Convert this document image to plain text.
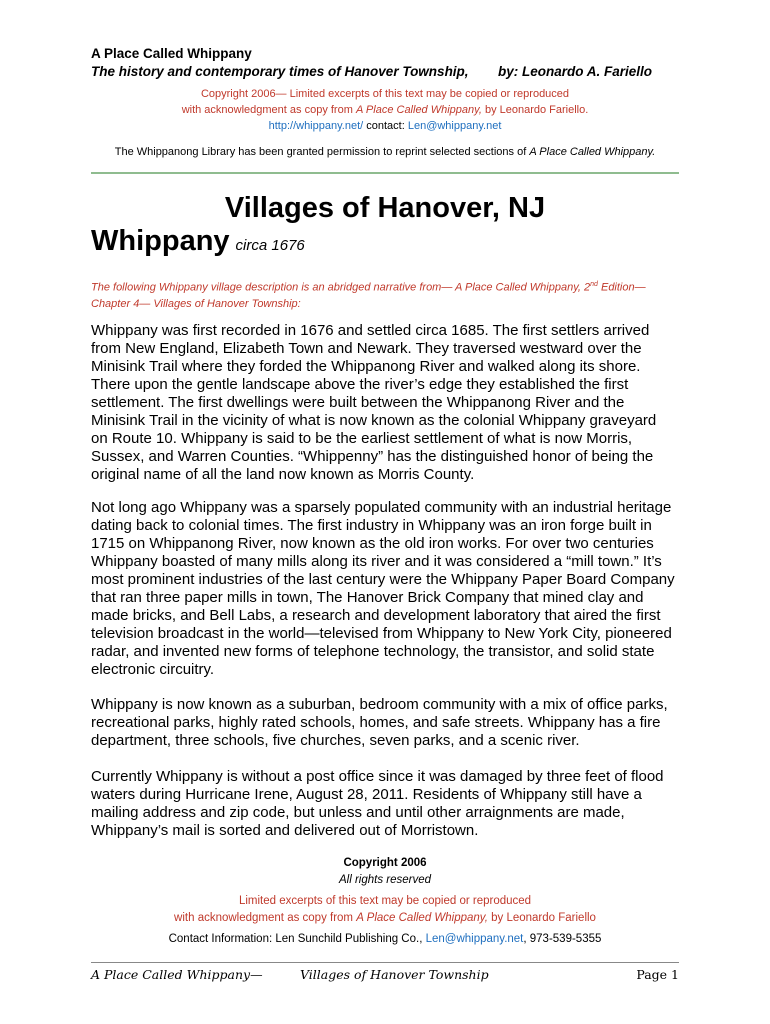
A Place Called Whippany
The history and contemporary times of Hanover Township, by: Leonardo A. Fariello
Copyright 2006— Limited excerpts of this text may be copied or reproduced
with acknowledgment as copy from A Place Called Whippany, by Leonardo Fariello.
http://whippany.net/ contact: Len@whippany.net
The Whippanong Library has been granted permission to reprint selected sections of A Place Called Whippany.
Villages of Hanover, NJ
Whippany circa 1676
The following Whippany village description is an abridged narrative from— A Place Called Whippany, 2nd Edition—
Chapter 4— Villages of Hanover Township:
Whippany was first recorded in 1676 and settled circa 1685. The first settlers arrived
from New England, Elizabeth Town and Newark. They traversed westward over the
Minisink Trail where they forded the Whippanong River and walked along its shore.
There upon the gentle landscape above the river’s edge they established the first
settlement. The first dwellings were built between the Whippanong River and the
Minisink Trail in the vicinity of what is now known as the colonial Whippany graveyard
on Route 10. Whippany is said to be the earliest settlement of what is now Morris,
Sussex, and Warren Counties. “Whippenny” has the distinguished honor of being the
original name of all the land now known as Morris County.
Not long ago Whippany was a sparsely populated community with an industrial heritage
dating back to colonial times. The first industry in Whippany was an iron forge built in
1715 on Whippanong River, now known as the old iron works. For over two centuries
Whippany boasted of many mills along its river and it was considered a “mill town.” It’s
most prominent industries of the last century were the Whippany Paper Board Company
that ran three paper mills in town, The Hanover Brick Company that mined clay and
made bricks, and Bell Labs, a research and development laboratory that aired the first
television broadcast in the world—televised from Whippany to New York City, pioneered
radar, and invented new forms of telephone technology, the transistor, and solid state
electronic circuitry.
Whippany is now known as a suburban, bedroom community with a mix of office parks,
recreational parks, highly rated schools, homes, and safe streets. Whippany has a fire
department, three schools, five churches, seven parks, and a scenic river.
Currently Whippany is without a post office since it was damaged by three feet of flood
waters during Hurricane Irene, August 28, 2011. Residents of Whippany still have a
mailing address and zip code, but unless and until other arraignments are made,
Whippany’s mail is sorted and delivered out of Morristown.
Copyright 2006
All rights reserved
Limited excerpts of this text may be copied or reproduced
with acknowledgment as copy from A Place Called Whippany, by Leonardo Fariello
Contact Information: Len Sunchild Publishing Co., Len@whippany.net, 973-539-5355
A Place Called Whippany—	Villages of Hanover Township	Page 1
